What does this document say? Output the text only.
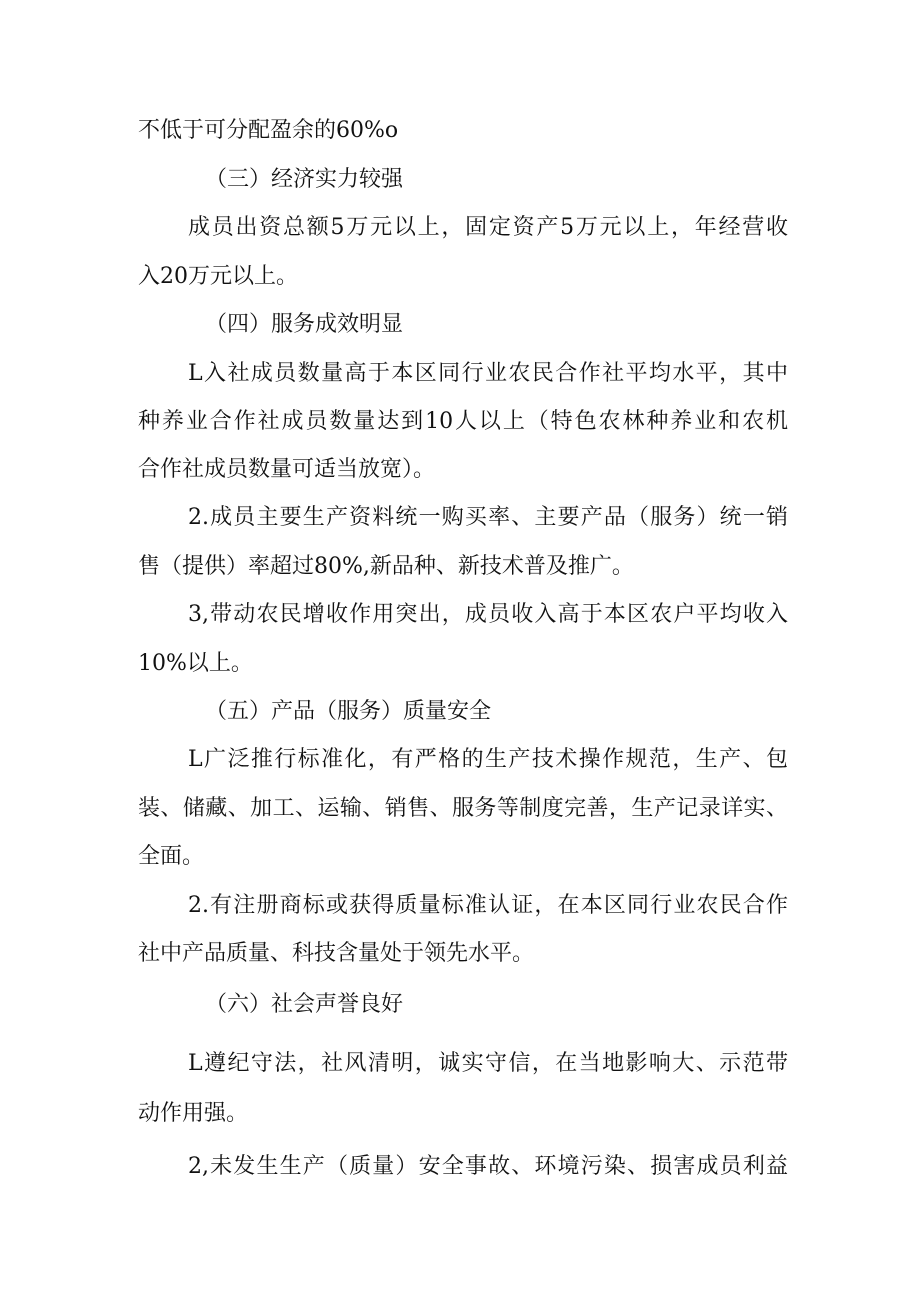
不低于可分配盈余的60%o
（三）经济实力较强
成员出资总额5万元以上，固定资产5万元以上，年经营收
入20万元以上。
（四）服务成效明显
L入社成员数量高于本区同行业农民合作社平均水平，其中
种养业合作社成员数量达到10人以上（特色农林种养业和农机
合作社成员数量可适当放宽）。
2.成员主要生产资料统一购买率、主要产品（服务）统一销
售（提供）率超过80%,新品种、新技术普及推广。
3,带动农民增收作用突出，成员收入高于本区农户平均收入
10%以上。
（五）产品（服务）质量安全
L广泛推行标准化，有严格的生产技术操作规范，生产、包
装、储藏、加工、运输、销售、服务等制度完善，生产记录详实、
全面。
2.有注册商标或获得质量标准认证，在本区同行业农民合作
社中产品质量、科技含量处于领先水平。
（六）社会声誉良好
L遵纪守法，社风清明，诚实守信，在当地影响大、示范带
动作用强。
2,未发生生产（质量）安全事故、环境污染、损害成员利益
